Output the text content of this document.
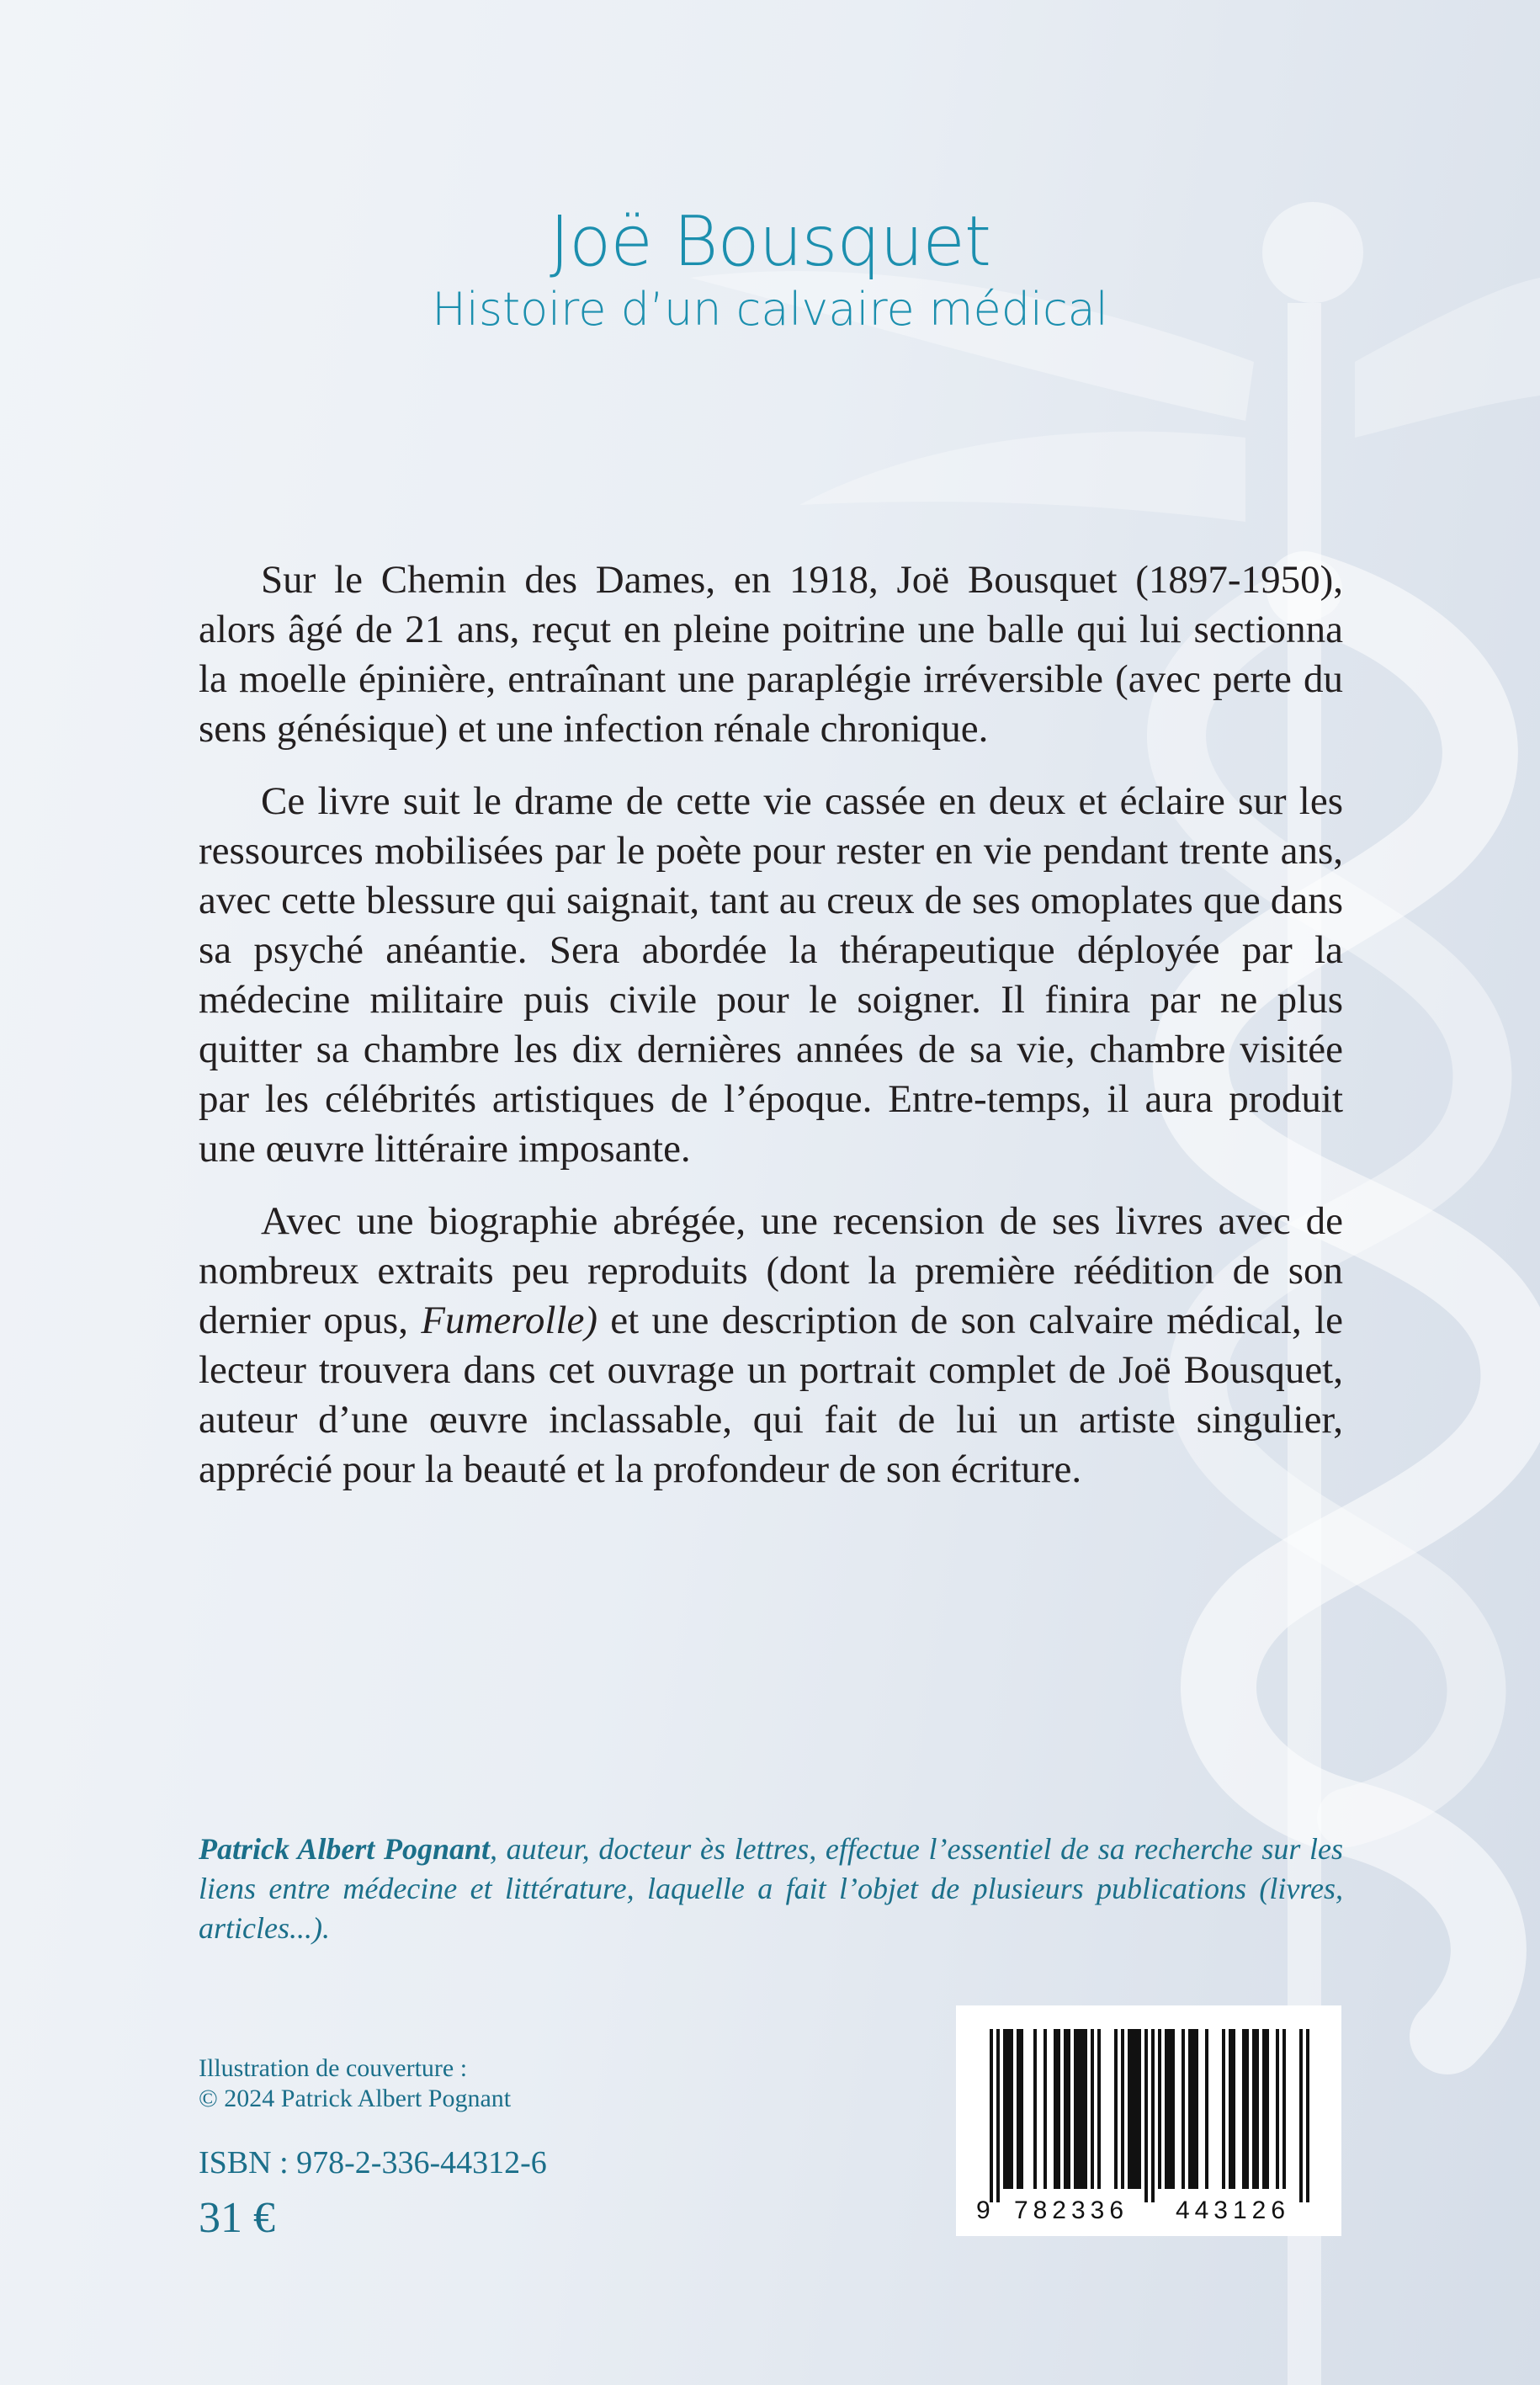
Joë Bousquet
Histoire d’un calvaire médical

Sur le Chemin des Dames, en 1918, Joë Bousquet (1897-1950), alors âgé de 21 ans, reçut en pleine poitrine une balle qui lui sectionna la moelle épinière, entraînant une paraplégie irréversible (avec perte du sens génésique) et une infection rénale chronique.

Ce livre suit le drame de cette vie cassée en deux et éclaire sur les ressources mobilisées par le poète pour rester en vie pendant trente ans, avec cette blessure qui saignait, tant au creux de ses omoplates que dans sa psyché anéantie. Sera abordée la thérapeutique déployée par la médecine militaire puis civile pour le soigner. Il finira par ne plus quitter sa chambre les dix dernières années de sa vie, chambre visitée par les célébrités artistiques de l’époque. Entre-temps, il aura produit une œuvre littéraire imposante.

Avec une biographie abrégée, une recension de ses livres avec de nombreux extraits peu reproduits (dont la première réédition de son dernier opus, Fumerolle) et une description de son calvaire médical, le lecteur trouvera dans cet ouvrage un portrait complet de Joë Bousquet, auteur d’une œuvre inclassable, qui fait de lui un artiste singulier, apprécié pour la beauté et la profondeur de son écriture.

Patrick Albert Pognant, auteur, docteur ès lettres, effectue l’essentiel de sa recherche sur les liens entre médecine et littérature, laquelle a fait l’objet de plusieurs publications (livres, articles...).
Illustration de couverture :
© 2024 Patrick Albert Pognant
ISBN : 978-2-336-44312-6
31 €	9 782336 443126
